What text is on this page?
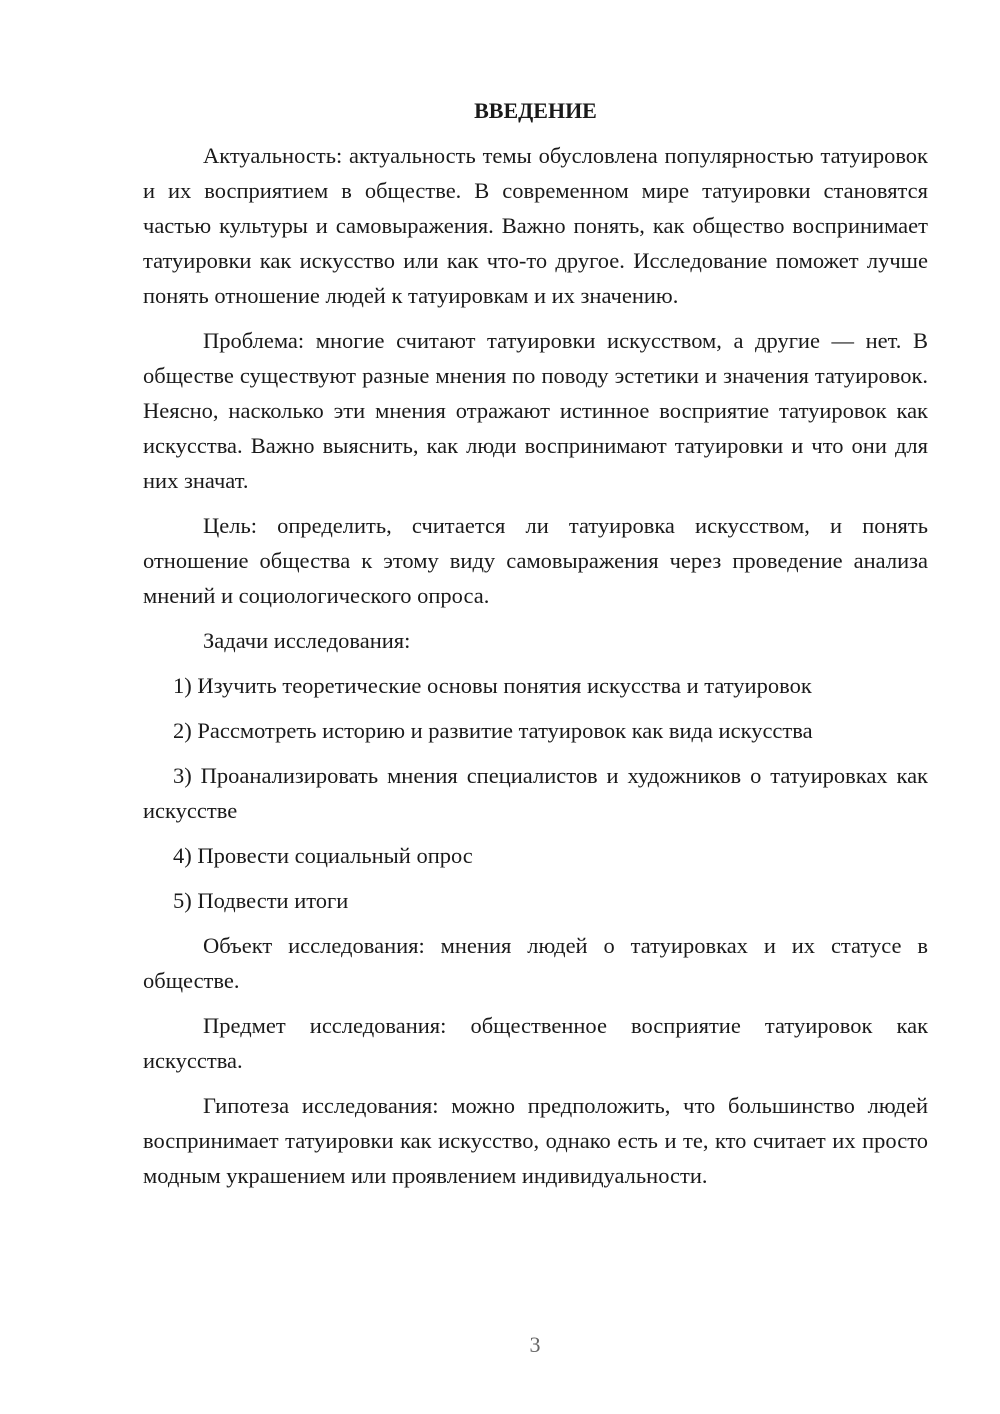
ВВЕДЕНИЕ

Актуальность: актуальность темы обусловлена популярностью татуировок и их восприятием в обществе. В современном мире татуировки становятся частью культуры и самовыражения. Важно понять, как общество воспринимает татуировки как искусство или как что-то другое. Исследование поможет лучше понять отношение людей к татуировкам и их значению.

Проблема: многие считают татуировки искусством, а другие — нет. В обществе существуют разные мнения по поводу эстетики и значения татуировок. Неясно, насколько эти мнения отражают истинное восприятие татуировок как искусства. Важно выяснить, как люди воспринимают татуировки и что они для них значат.

Цель: определить, считается ли татуировка искусством, и понять отношение общества к этому виду самовыражения через проведение анализа мнений и социологического опроса.

Задачи исследования:

1) Изучить теоретические основы понятия искусства и татуировок

2) Рассмотреть историю и развитие татуировок как вида искусства

3) Проанализировать мнения специалистов и художников о татуировках как искусстве

4) Провести социальный опрос

5) Подвести итоги

Объект исследования: мнения людей о татуировках и их статусе в обществе.

Предмет исследования: общественное восприятие татуировок как искусства.

Гипотеза исследования: можно предположить, что большинство людей воспринимает татуировки как искусство, однако есть и те, кто считает их просто модным украшением или проявлением индивидуальности.

3
